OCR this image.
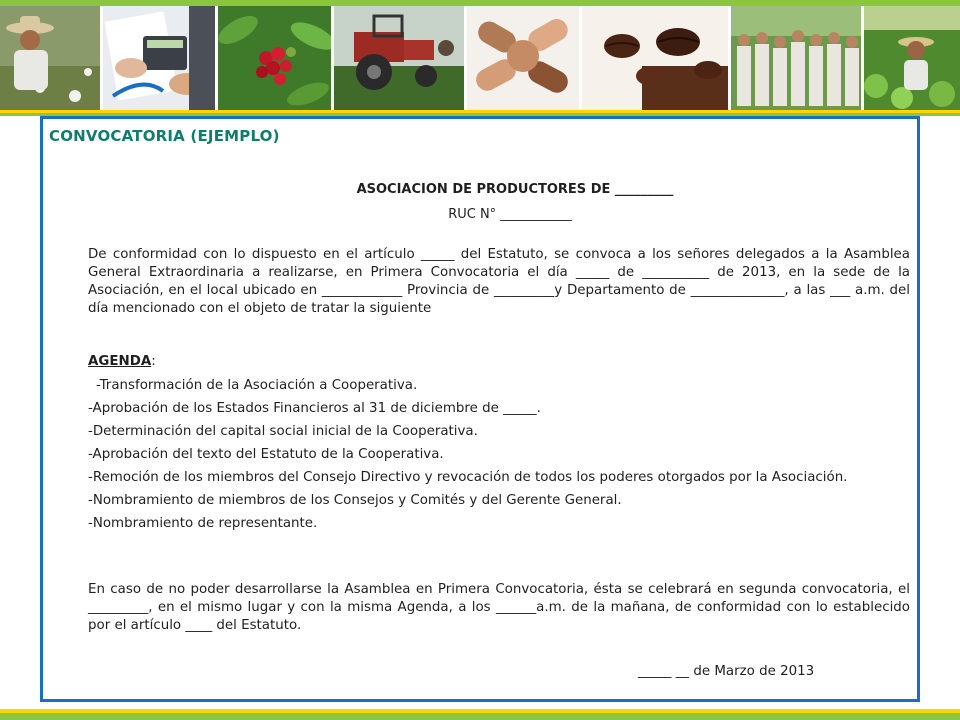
CONVOCATORIA (EJEMPLO)
ASOCIACION DE PRODUCTORES DE _________
RUC N° ___________

De conformidad con lo dispuesto en el artículo _____ del Estatuto, se convoca a los señores delegados a la Asamblea General Extraordinaria a realizarse, en Primera Convocatoria el día _____ de __________ de 2013, en la sede de la Asociación, en el local ubicado en ____________ Provincia de _________y Departamento de ______________, a las ___ a.m. del día mencionado con el objeto de tratar la siguiente

AGENDA:
-Transformación de la Asociación a Cooperativa.
-Aprobación de los Estados Financieros al 31 de diciembre de _____.
-Determinación del capital social inicial de la Cooperativa.
-Aprobación del texto del Estatuto de la Cooperativa.
-Remoción de los miembros del Consejo Directivo y revocación de todos los poderes otorgados por la Asociación.
-Nombramiento de miembros de los Consejos y Comités y del Gerente General.
-Nombramiento de representante.

En caso de no poder desarrollarse la Asamblea en Primera Convocatoria, ésta se celebrará en segunda convocatoria, el _________, en el mismo lugar y con la misma Agenda, a los ______a.m. de la mañana, de conformidad con lo establecido por el artículo ____ del Estatuto.

_____ __ de Marzo de 2013
